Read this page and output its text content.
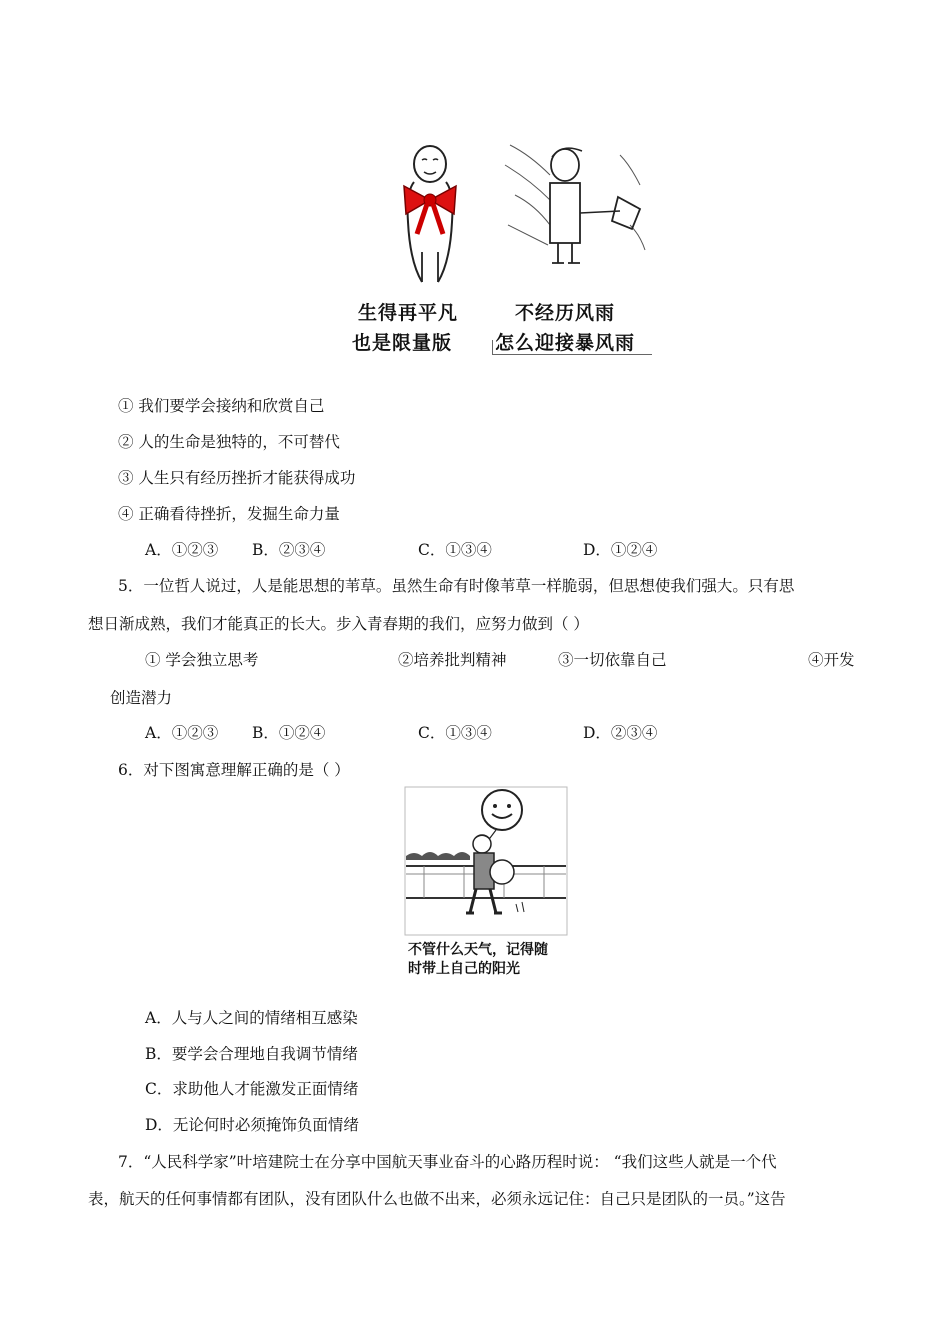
生得再平凡
也是限量版
不经历风雨
怎么迎接暴风雨
① 我们要学会接纳和欣赏自己
② 人的生命是独特的，不可替代
③ 人生只有经历挫折才能获得成功
④ 正确看待挫折，发掘生命力量
A．①②③ B．②③④	C．①③④	D．①②④
5．一位哲人说过，人是能思想的苇草。虽然生命有时像苇草一样脆弱，但思想使我们强大。只有思
想日渐成熟，我们才能真正的长大。步入青春期的我们，应努力做到（ ）
① 学会独立思考	②培养批判精神	③一切依靠自己	④开发
创造潜力
A．①②③ B．①②④	C．①③④	D．②③④
6．对下图寓意理解正确的是（ ）
不管什么天气，记得随
时带上自己的阳光
A．人与人之间的情绪相互感染
B．要学会合理地自我调节情绪
C．求助他人才能激发正面情绪
D．无论何时必须掩饰负面情绪
7．“人民科学家”叶培建院士在分享中国航天事业奋斗的心路历程时说： “我们这些人就是一个代
表，航天的任何事情都有团队，没有团队什么也做不出来，必须永远记住：自己只是团队的一员。”这告
